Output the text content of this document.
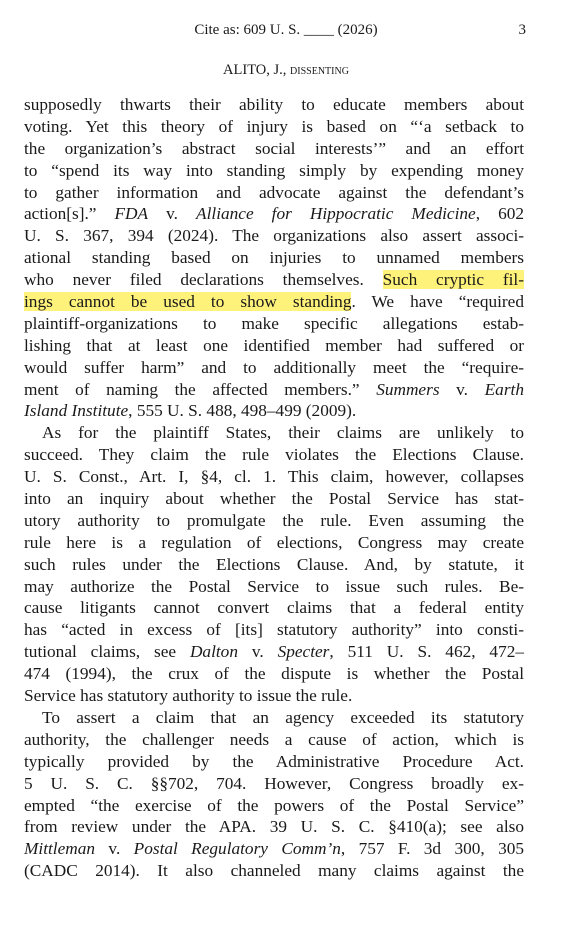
Cite as: 609 U. S. ____ (2026)	3
ALITO, J., dissenting
supposedly thwarts their ability to educate members about
voting. Yet this theory of injury is based on “‘a setback to
the organization’s abstract social interests’” and an effort
to “spend its way into standing simply by expending money
to gather information and advocate against the defendant’s
action[s].” FDA v. Alliance for Hippocratic Medicine, 602
U. S. 367, 394 (2024). The organizations also assert associ-
ational standing based on injuries to unnamed members
who never filed declarations themselves. Such cryptic fil-
ings cannot be used to show standing. We have “required
plaintiff-organizations to make specific allegations estab-
lishing that at least one identified member had suffered or
would suffer harm” and to additionally meet the “require-
ment of naming the affected members.” Summers v. Earth
Island Institute, 555 U. S. 488, 498–499 (2009).
As for the plaintiff States, their claims are unlikely to
succeed. They claim the rule violates the Elections Clause.
U. S. Const., Art. I, §4, cl. 1. This claim, however, collapses
into an inquiry about whether the Postal Service has stat-
utory authority to promulgate the rule. Even assuming the
rule here is a regulation of elections, Congress may create
such rules under the Elections Clause. And, by statute, it
may authorize the Postal Service to issue such rules. Be-
cause litigants cannot convert claims that a federal entity
has “acted in excess of [its] statutory authority” into consti-
tutional claims, see Dalton v. Specter, 511 U. S. 462, 472–
474 (1994), the crux of the dispute is whether the Postal
Service has statutory authority to issue the rule.
To assert a claim that an agency exceeded its statutory
authority, the challenger needs a cause of action, which is
typically provided by the Administrative Procedure Act.
5 U. S. C. §§702, 704. However, Congress broadly ex-
empted “the exercise of the powers of the Postal Service”
from review under the APA. 39 U. S. C. §410(a); see also
Mittleman v. Postal Regulatory Comm’n, 757 F. 3d 300, 305
(CADC 2014). It also channeled many claims against the
